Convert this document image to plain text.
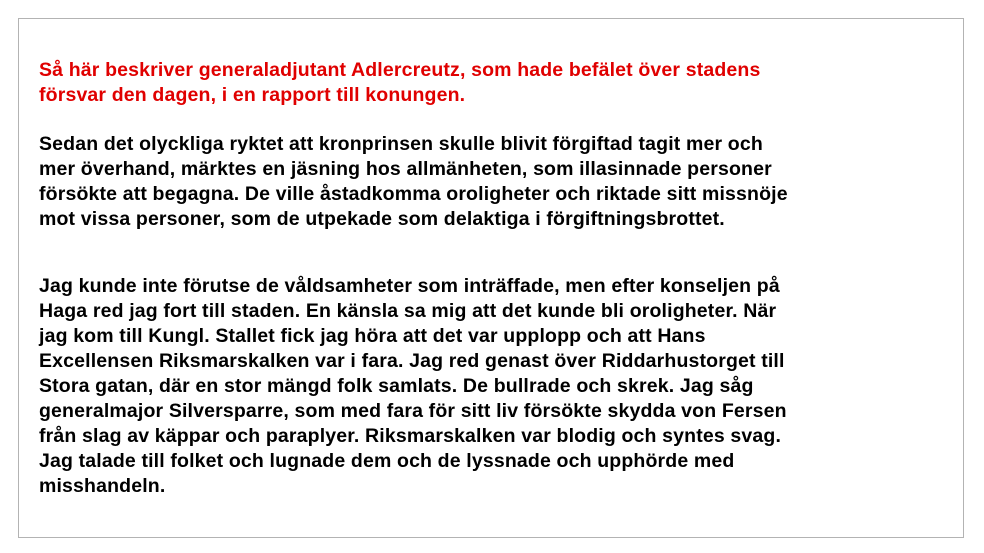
Så här beskriver generaladjutant Adlercreutz, som hade befälet över stadens
försvar den dagen, i en rapport till konungen.

Sedan det olyckliga ryktet att kronprinsen skulle blivit förgiftad tagit mer och
mer överhand, märktes en jäsning hos allmänheten, som illasinnade personer
försökte att begagna. De ville åstadkomma oroligheter och riktade sitt missnöje
mot vissa personer, som de utpekade som delaktiga i förgiftningsbrottet.

Jag kunde inte förutse de våldsamheter som inträffade, men efter konseljen på
Haga red jag fort till staden. En känsla sa mig att det kunde bli oroligheter. När
jag kom till Kungl. Stallet fick jag höra att det var upplopp och att Hans
Excellensen Riksmarskalken var i fara. Jag red genast över Riddarhustorget till
Stora gatan, där en stor mängd folk samlats. De bullrade och skrek. Jag såg
generalmajor Silversparre, som med fara för sitt liv försökte skydda von Fersen
från slag av käppar och paraplyer. Riksmarskalken var blodig och syntes svag.
Jag talade till folket och lugnade dem och de lyssnade och upphörde med
misshandeln.
